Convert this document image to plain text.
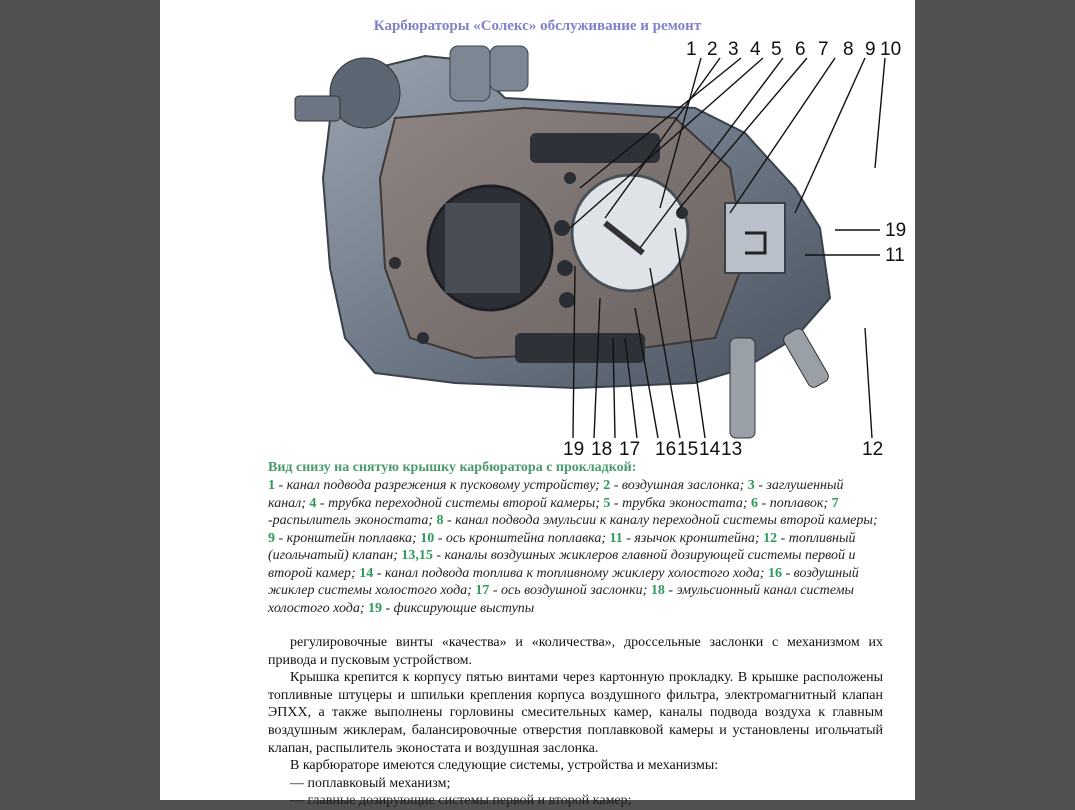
Карбюраторы «Солекс» обслуживание и ремонт
1 2 3 4 5 6 7 8 9 10
19
11
19 18 17 16 15 14 13	12
Вид снизу на снятую крышку карбюратора с прокладкой:
1 - канал подвода разрежения к пусковому устройству; 2 - воздушная заслонка; 3 - заглушенный канал; 4 - трубка переходной системы второй камеры; 5 - трубка эконостата; 6 - поплавок; 7 -распылитель эконостата; 8 - канал подвода эмульсии к каналу переходной системы второй камеры; 9 - кронштейн поплавка; 10 - ось кронштейна поплавка; 11 - язычок кронштейна; 12 - топливный (игольчатый) клапан; 13,15 - каналы воздушных жиклеров главной дозирующей системы первой и второй камер; 14 - канал подвода топлива к топливному жиклеру холостого хода; 16 - воздушный жиклер системы холостого хода; 17 - ось воздушной заслонки; 18 - эмульсионный канал системы холостого хода; 19 - фиксирующие выступы

регулировочные винты «качества» и «количества», дроссельные заслонки с механизмом их привода и пусковым устройством.

Крышка крепится к корпусу пятью винтами через картонную прокладку. В крышке расположены топливные штуцеры и шпильки крепления корпуса воздушного фильтра, электромагнитный клапан ЭПХХ, а также выполнены горловины смесительных камер, каналы подвода воздуха к главным воздушным жиклерам, балансировочные отверстия поплавковой камеры и установлены игольчатый клапан, распылитель эконостата и воздушная заслонка.

В карбюраторе имеются следующие системы, устройства и механизмы:

— поплавковый механизм;

— главные дозирующие системы первой и второй камер;
